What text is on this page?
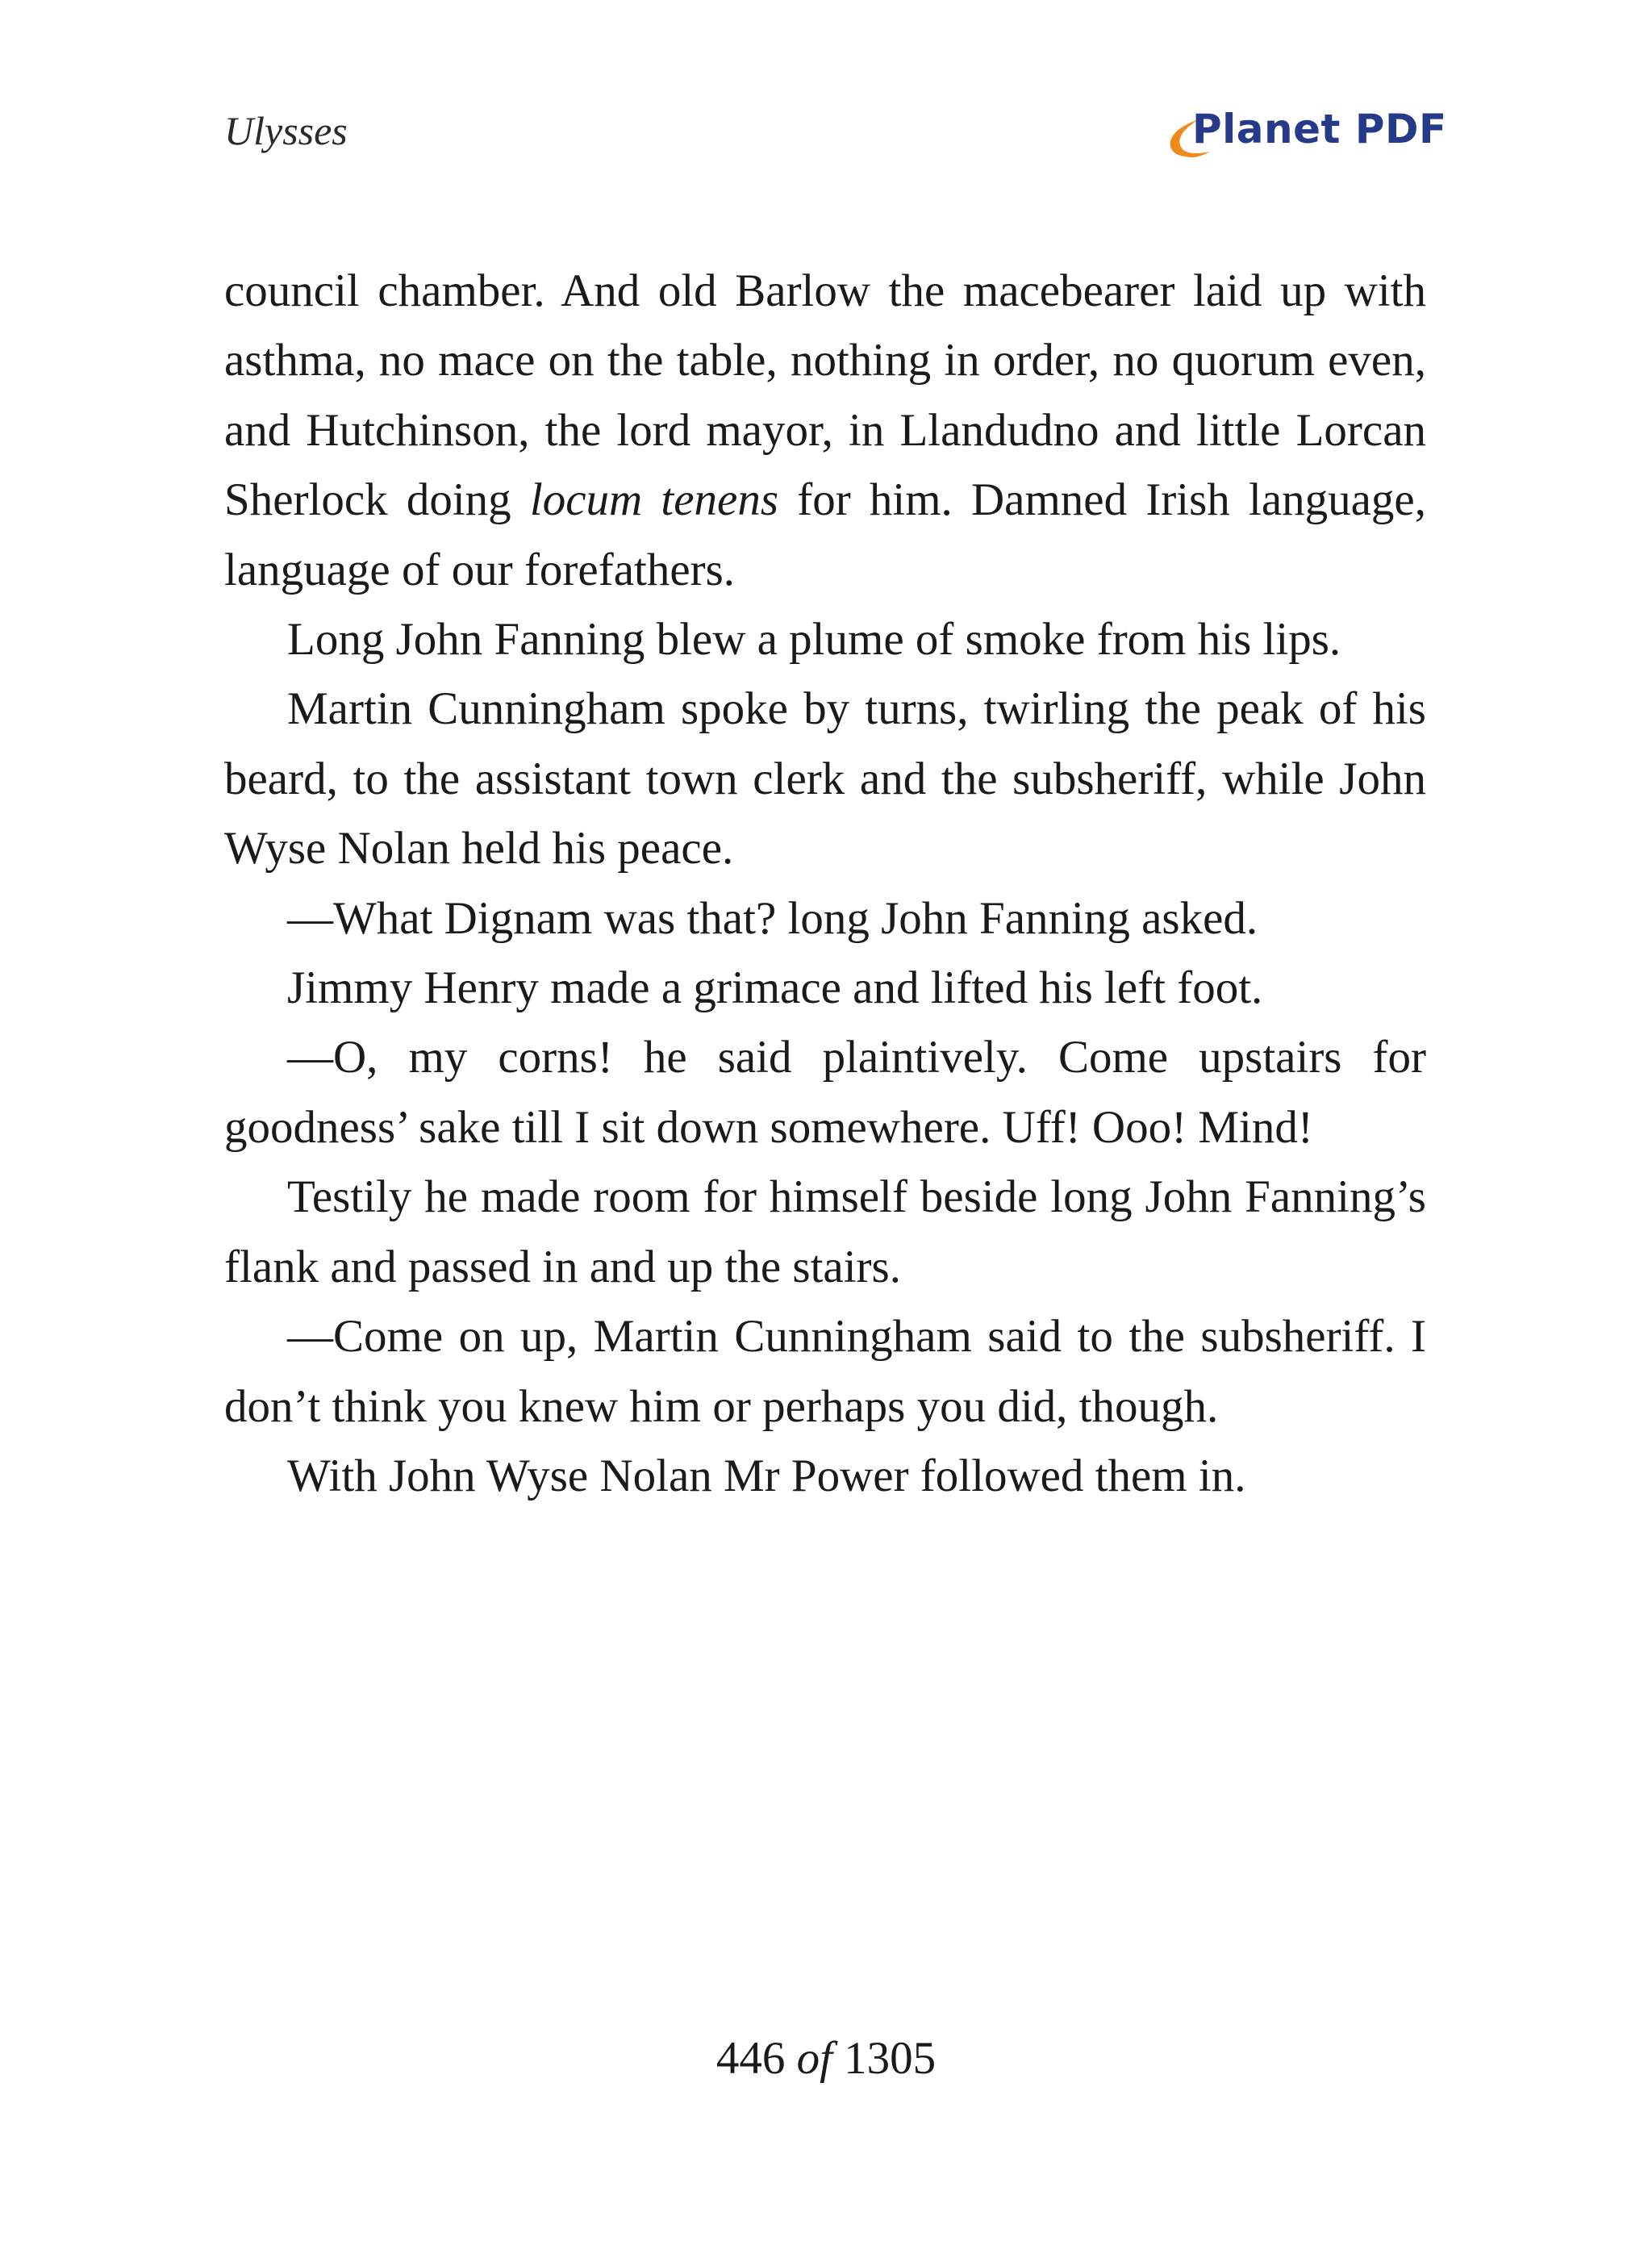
Ulysses	Planet PDF

council chamber. And old Barlow the macebearer laid up with asthma, no mace on the table, nothing in order, no quorum even, and Hutchinson, the lord mayor, in Llandudno and little Lorcan Sherlock doing locum tenens for him. Damned Irish language, language of our forefathers.

Long John Fanning blew a plume of smoke from his lips.

Martin Cunningham spoke by turns, twirling the peak of his beard, to the assistant town clerk and the subsheriff, while John Wyse Nolan held his peace.

—What Dignam was that? long John Fanning asked.

Jimmy Henry made a grimace and lifted his left foot.

—O, my corns! he said plaintively. Come upstairs for goodness’ sake till I sit down somewhere. Uff! Ooo! Mind!

Testily he made room for himself beside long John Fanning’s flank and passed in and up the stairs.

—Come on up, Martin Cunningham said to the subsheriff. I don’t think you knew him or perhaps you did, though.

With John Wyse Nolan Mr Power followed them in.

446 of 1305
